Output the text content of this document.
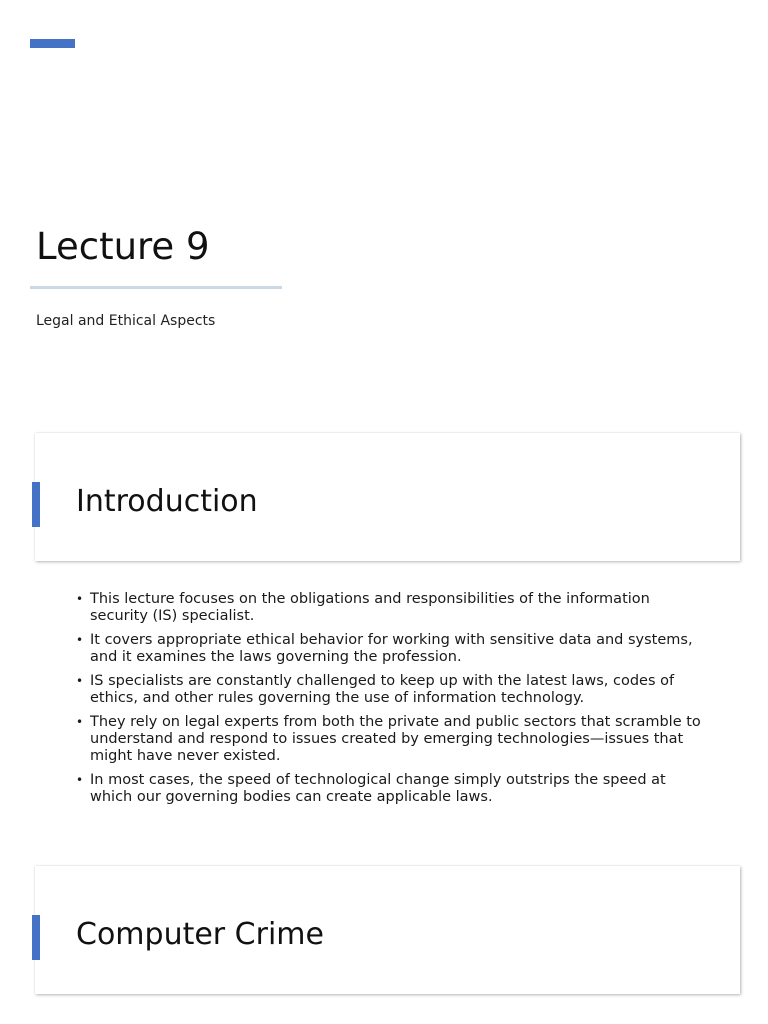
Lecture 9

Legal and Ethical Aspects

Introduction
• This lecture focuses on the obligations and responsibilities of the information security (IS) specialist.
• It covers appropriate ethical behavior for working with sensitive data and systems, and it examines the laws governing the profession.
• IS specialists are constantly challenged to keep up with the latest laws, codes of ethics, and other rules governing the use of information technology.
• They rely on legal experts from both the private and public sectors that scramble to understand and respond to issues created by emerging technologies—issues that might have never existed.
• In most cases, the speed of technological change simply outstrips the speed at which our governing bodies can create applicable laws.
Computer Crime
